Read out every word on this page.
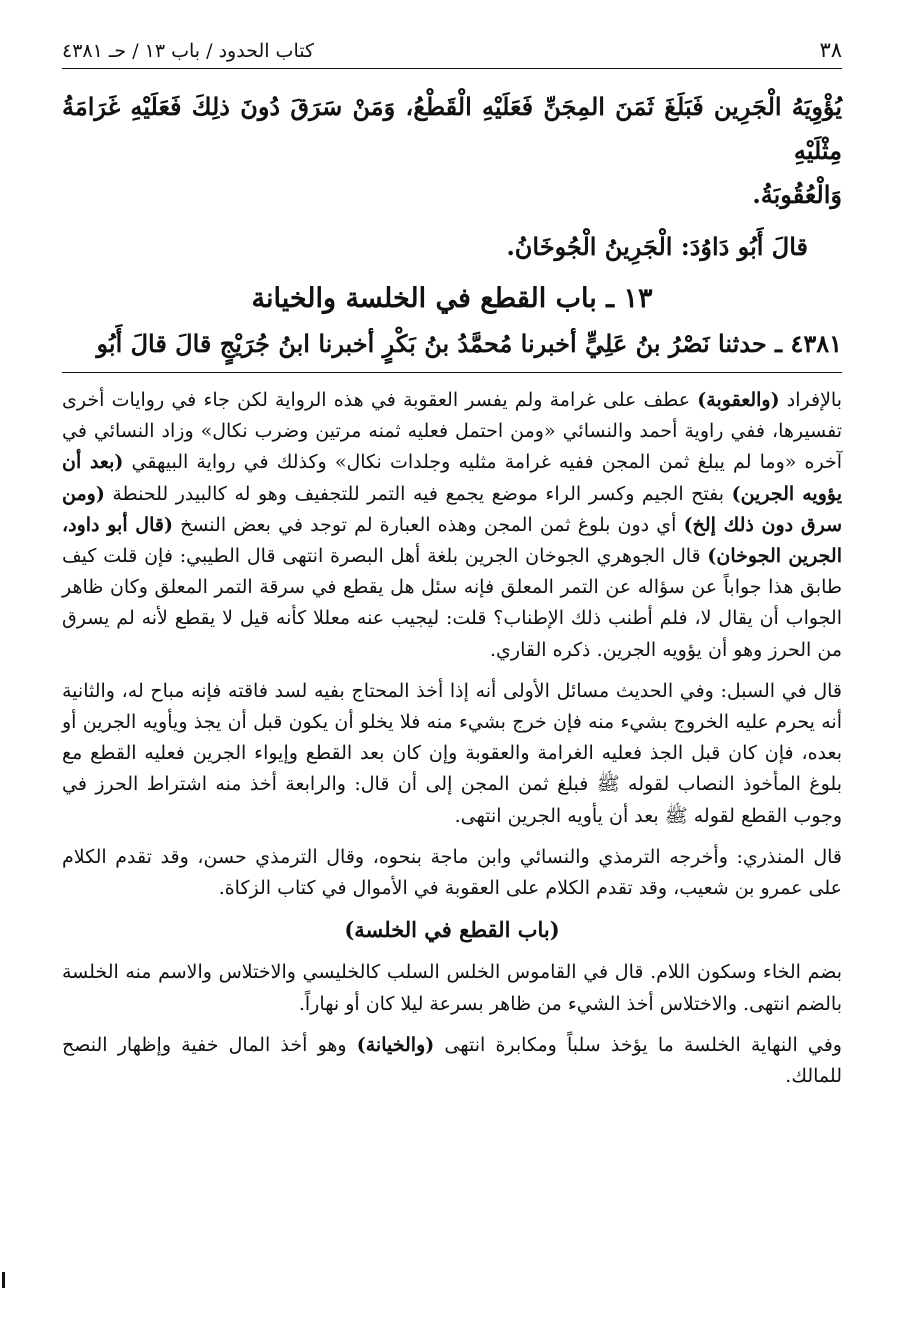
٣٨
كتاب الحدود / باب ١٣ / حـ ٤٣٨١

يُؤْوِيَهُ الْجَرِين فَبَلَغَ ثَمَنَ المِجَنِّ فَعَلَيْهِ الْقَطْعُ، وَمَنْ سَرَقَ دُونَ ذلِكَ فَعَلَيْهِ غَرَامَةُ مِثْلَيْهِ

وَالْعُقُوبَةُ.

قالَ أَبُو دَاوُدَ: الْجَرِينُ الْجُوخَانُ.

١٣ ـ باب القطع في الخلسة والخيانة
٤٣٨١ ـ حدثنا نَصْرُ بنُ عَلِيٍّ أخبرنا مُحمَّدُ بنُ بَكْرٍ أخبرنا ابنُ جُرَيْجٍ قالَ قالَ أَبُو

بالإفراد (والعقوبة) عطف على غرامة ولم يفسر العقوبة في هذه الرواية لكن جاء في روايات أخرى تفسيرها، ففي راوية أحمد والنسائي «ومن احتمل فعليه ثمنه مرتين وضرب نكال» وزاد النسائي في آخره «وما لم يبلغ ثمن المجن ففيه غرامة مثليه وجلدات نكال» وكذلك في رواية البيهقي (بعد أن يؤويه الجرين) بفتح الجيم وكسر الراء موضع يجمع فيه التمر للتجفيف وهو له كالبيدر للحنطة (ومن سرق دون ذلك إلخ) أي دون بلوغ ثمن المجن وهذه العبارة لم توجد في بعض النسخ (قال أبو داود، الجرين الجوخان) قال الجوهري الجوخان الجرين بلغة أهل البصرة انتهى قال الطيبي: فإن قلت كيف طابق هذا جواباً عن سؤاله عن التمر المعلق فإنه سئل هل يقطع في سرقة التمر المعلق وكان ظاهر الجواب أن يقال لا، فلم أطنب ذلك الإطناب؟ قلت: ليجيب عنه معللا كأنه قيل لا يقطع لأنه لم يسرق من الحرز وهو أن يؤويه الجرين. ذكره القاري.

قال في السبل: وفي الحديث مسائل الأولى أنه إذا أخذ المحتاج بفيه لسد فاقته فإنه مباح له، والثانية أنه يحرم عليه الخروج بشيء منه فإن خرج بشيء منه فلا يخلو أن يكون قبل أن يجذ ويأويه الجرين أو بعده، فإن كان قبل الجذ فعليه الغرامة والعقوبة وإن كان بعد القطع وإيواء الجرين فعليه القطع مع بلوغ المأخوذ النصاب لقوله ﷺ فبلغ ثمن المجن إلى أن قال: والرابعة أخذ منه اشتراط الحرز في وجوب القطع لقوله ﷺ بعد أن يأويه الجرين انتهى.

قال المنذري: وأخرجه الترمذي والنسائي وابن ماجة بنحوه، وقال الترمذي حسن، وقد تقدم الكلام على عمرو بن شعيب، وقد تقدم الكلام على العقوبة في الأموال في كتاب الزكاة.

(باب القطع في الخلسة)

بضم الخاء وسكون اللام. قال في القاموس الخلس السلب كالخليسي والاختلاس والاسم منه الخلسة بالضم انتهى. والاختلاس أخذ الشيء من ظاهر بسرعة ليلا كان أو نهاراً.

وفي النهاية الخلسة ما يؤخذ سلباً ومكابرة انتهى (والخيانة) وهو أخذ المال خفية وإظهار النصح للمالك.
